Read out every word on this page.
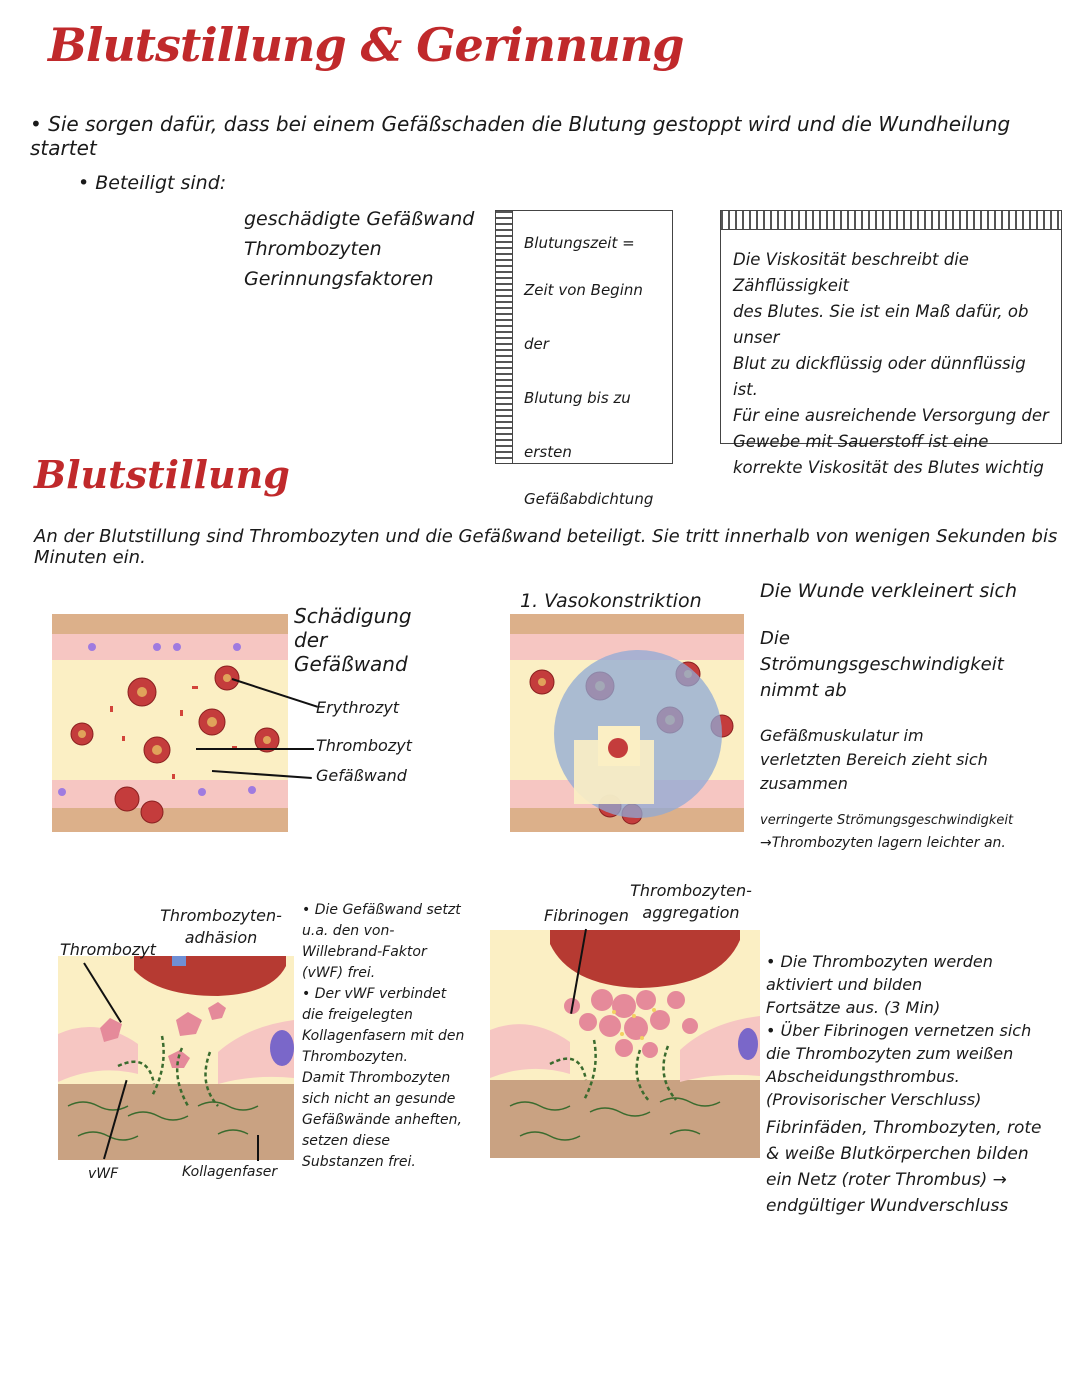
Blutstillung & Gerinnung
• Sie sorgen dafür, dass bei einem Gefäßschaden die Blutung gestoppt wird und die Wundheilung startet
• Beteiligt sind:
geschädigte Gefäßwand
Thrombozyten
Gerinnungsfaktoren
Blutungszeit =
Zeit von Beginn der
Blutung bis zu
ersten
Gefäßabdichtung
Die Viskosität beschreibt die Zähflüssigkeit
des Blutes. Sie ist ein Maß dafür, ob unser
Blut zu dickflüssig oder dünnflüssig ist.
Für eine ausreichende Versorgung der
Gewebe mit Sauerstoff ist eine
korrekte Viskosität des Blutes wichtig
Blutstillung
An der Blutstillung sind Thrombozyten und die Gefäßwand beteiligt. Sie tritt innerhalb von wenigen Sekunden bis Minuten ein.
Schädigung der Gefäßwand
Erythrozyt
Thrombozyt
Gefäßwand
1. Vasokonstriktion	Die Wunde verkleinert sich
Die Strömungsgeschwindigkeit nimmt ab
Gefäßmuskulatur im verletzten Bereich zieht sich zusammen
verringerte Strömungsgeschwindigkeit
→Thrombozyten lagern leichter an.
Thrombozyten-adhäsion
Thrombozyt
vWF	Kollagenfaser
• Die Gefäßwand setzt u.a. den von-Willebrand-Faktor (vWF) frei.
• Der vWF verbindet die freigelegten Kollagenfasern mit den Thrombozyten.
Damit Thrombozyten sich nicht an gesunde Gefäßwände anheften, setzen diese Substanzen frei.
Thrombozyten-aggregation
Fibrinogen
• Die Thrombozyten werden aktiviert und bilden Fortsätze aus. (3 Min)
• Über Fibrinogen vernetzen sich die Thrombozyten zum weißen Abscheidungsthrombus. (Provisorischer Verschluss)
Fibrinfäden, Thrombozyten, rote & weiße Blutkörperchen bilden ein Netz (roter Thrombus) → endgültiger Wundverschluss
